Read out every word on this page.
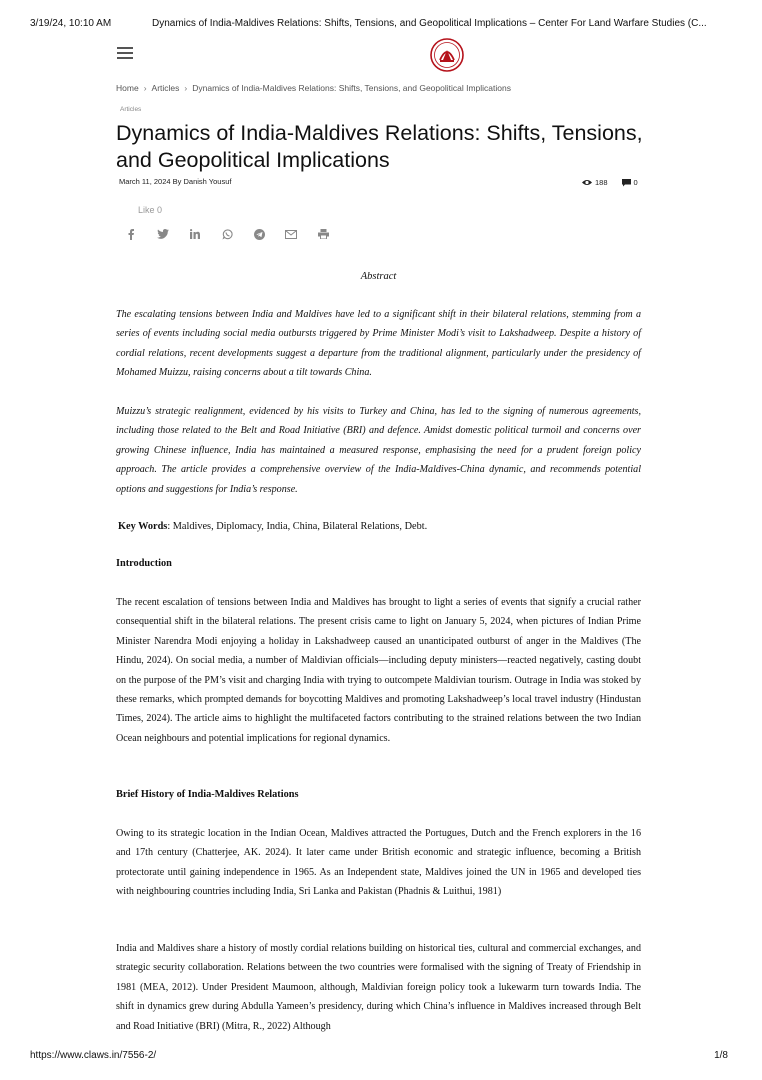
3/19/24, 10:10 AM	Dynamics of India-Maldives Relations: Shifts, Tensions, and Geopolitical Implications – Center For Land Warfare Studies (C...
Home › Articles › Dynamics of India-Maldives Relations: Shifts, Tensions, and Geopolitical Implications
Articles
Dynamics of India-Maldives Relations: Shifts, Tensions, and Geopolitical Implications
March 11, 2024 By Danish Yousuf	188	0
Like 0
Abstract

The escalating tensions between India and Maldives have led to a significant shift in their bilateral relations, stemming from a series of events including social media outbursts triggered by Prime Minister Modi’s visit to Lakshadweep. Despite a history of cordial relations, recent developments suggest a departure from the traditional alignment, particularly under the presidency of Mohamed Muizzu, raising concerns about a tilt towards China.

Muizzu’s strategic realignment, evidenced by his visits to Turkey and China, has led to the signing of numerous agreements, including those related to the Belt and Road Initiative (BRI) and defence. Amidst domestic political turmoil and concerns over growing Chinese influence, India has maintained a measured response, emphasising the need for a prudent foreign policy approach. The article provides a comprehensive overview of the India-Maldives-China dynamic, and recommends potential options and suggestions for India’s response.

Key Words: Maldives, Diplomacy, India, China, Bilateral Relations, Debt.
Introduction

The recent escalation of tensions between India and Maldives has brought to light a series of events that signify a crucial rather consequential shift in the bilateral relations. The present crisis came to light on January 5, 2024, when pictures of Indian Prime Minister Narendra Modi enjoying a holiday in Lakshadweep caused an unanticipated outburst of anger in the Maldives (The Hindu, 2024). On social media, a number of Maldivian officials—including deputy ministers—reacted negatively, casting doubt on the purpose of the PM’s visit and charging India with trying to outcompete Maldivian tourism. Outrage in India was stoked by these remarks, which prompted demands for boycotting Maldives and promoting Lakshadweep’s local travel industry (Hindustan Times, 2024). The article aims to highlight the multifaceted factors contributing to the strained relations between the two Indian Ocean neighbours and potential implications for regional dynamics.

Brief History of India-Maldives Relations

Owing to its strategic location in the Indian Ocean, Maldives attracted the Portugues, Dutch and the French explorers in the 16 and 17th century (Chatterjee, AK. 2024). It later came under British economic and strategic influence, becoming a British protectorate until gaining independence in 1965. As an Independent state, Maldives joined the UN in 1965 and developed ties with neighbouring countries including India, Sri Lanka and Pakistan (Phadnis & Luithui, 1981)

India and Maldives share a history of mostly cordial relations building on historical ties, cultural and commercial exchanges, and strategic security collaboration. Relations between the two countries were formalised with the signing of Treaty of Friendship in 1981 (MEA, 2012). Under President Maumoon, although, Maldivian foreign policy took a lukewarm turn towards India. The shift in dynamics grew during Abdulla Yameen’s presidency, during which China’s influence in Maldives increased through Belt and Road Initiative (BRI) (Mitra, R., 2022) Although

https://www.claws.in/7556-2/	1/8
